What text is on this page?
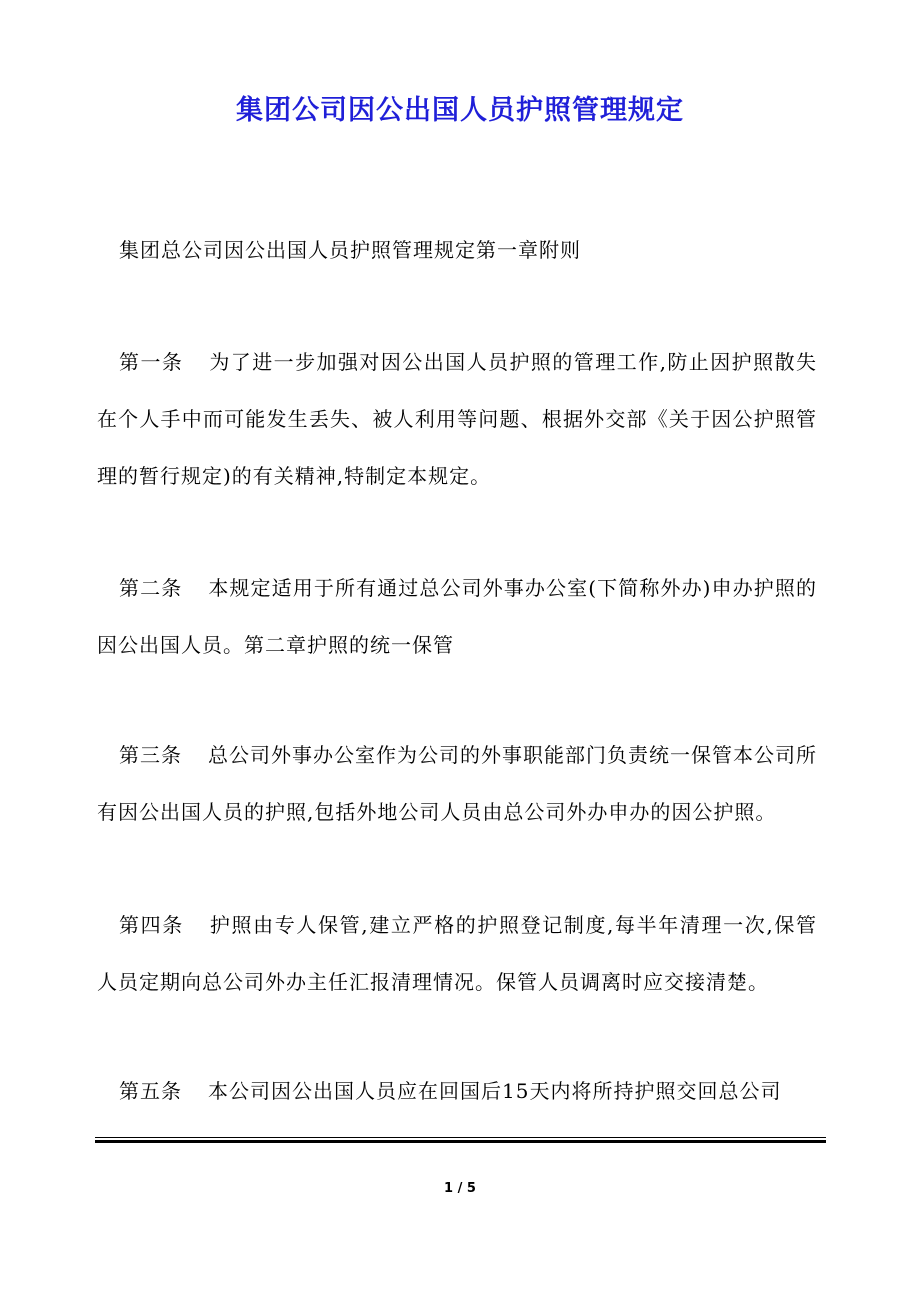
集团公司因公出国人员护照管理规定
集团总公司因公出国人员护照管理规定第一章附则
第一条 为了进一步加强对因公出国人员护照的管理工作,防止因护照散失在个人手中而可能发生丢失、被人利用等问题、根据外交部《关于因公护照管理的暂行规定)的有关精神,特制定本规定。
第二条 本规定适用于所有通过总公司外事办公室(下简称外办)申办护照的因公出国人员。第二章护照的统一保管
第三条 总公司外事办公室作为公司的外事职能部门负责统一保管本公司所有因公出国人员的护照,包括外地公司人员由总公司外办申办的因公护照。
第四条 护照由专人保管,建立严格的护照登记制度,每半年清理一次,保管人员定期向总公司外办主任汇报清理情况。保管人员调离时应交接清楚。
第五条 本公司因公出国人员应在回国后15天内将所持护照交回总公司
1 / 5
